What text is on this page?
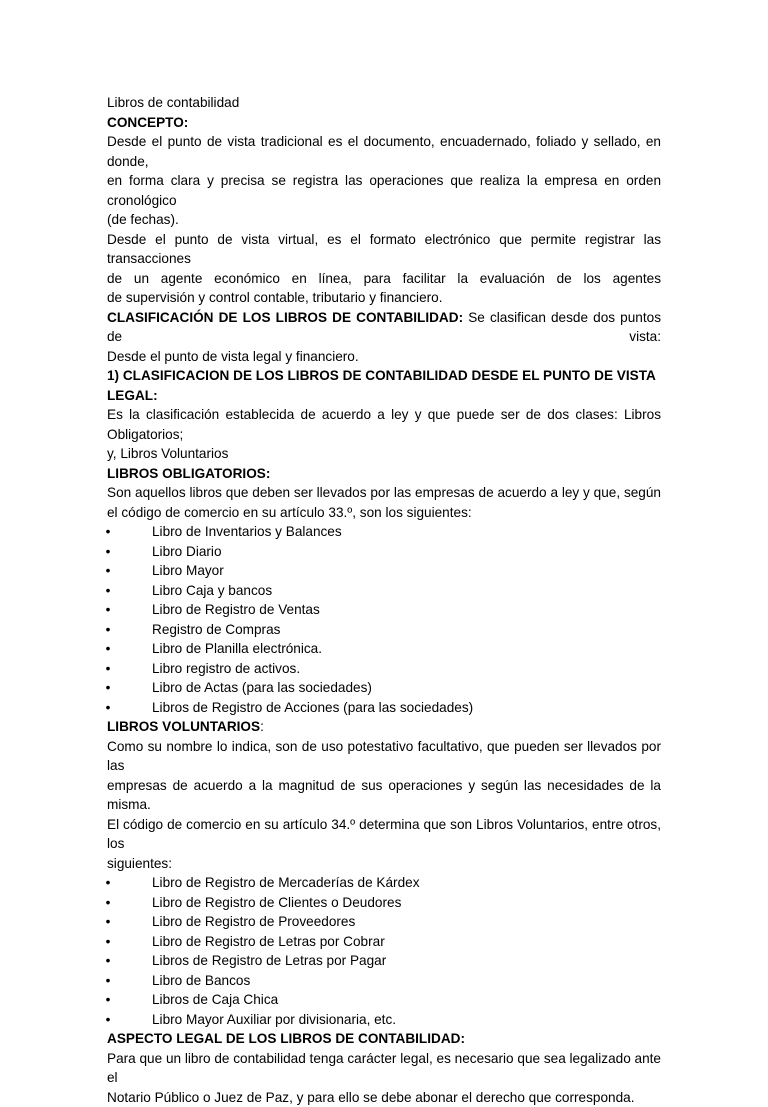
Libros de contabilidad

CONCEPTO:

Desde el punto de vista tradicional es el documento, encuadernado, foliado y sellado, en donde,

en forma clara y precisa se registra las operaciones que realiza la empresa en orden cronológico

(de fechas).

Desde el punto de vista virtual, es el formato electrónico que permite registrar las transacciones

de un agente económico en línea, para facilitar la evaluación de los agentes

de supervisión y control contable, tributario y financiero.

CLASIFICACIÓN DE LOS LIBROS DE CONTABILIDAD: Se clasifican desde dos puntos de vista:

Desde el punto de vista legal y financiero.

1) CLASIFICACION DE LOS LIBROS DE CONTABILIDAD DESDE EL PUNTO DE VISTA LEGAL:

Es la clasificación establecida de acuerdo a ley y que puede ser de dos clases: Libros Obligatorios;

y, Libros Voluntarios

LIBROS OBLIGATORIOS:

Son aquellos libros que deben ser llevados por las empresas de acuerdo a ley y que, según

el código de comercio en su artículo 33.º, son los siguientes:

•	Libro de Inventarios y Balances
•	Libro Diario
•	Libro Mayor
•	Libro Caja y bancos
•	Libro de Registro de Ventas
•	Registro de Compras
•	Libro de Planilla electrónica.
•	Libro registro de activos.
•	Libro de Actas (para las sociedades)
•	Libros de Registro de Acciones (para las sociedades)

LIBROS VOLUNTARIOS:

Como su nombre lo indica, son de uso potestativo facultativo, que pueden ser llevados por las

empresas de acuerdo a la magnitud de sus operaciones y según las necesidades de la misma.

El código de comercio en su artículo 34.º determina que son Libros Voluntarios, entre otros, los

siguientes:

•	Libro de Registro de Mercaderías de Kárdex
•	Libro de Registro de Clientes o Deudores
•	Libro de Registro de Proveedores
•	Libro de Registro de Letras por Cobrar
•	Libros de Registro de Letras por Pagar
•	Libro de Bancos
•	Libros de Caja Chica
•	Libro Mayor Auxiliar por divisionaria, etc.

ASPECTO LEGAL DE LOS LIBROS DE CONTABILIDAD:

Para que un libro de contabilidad tenga carácter legal, es necesario que sea legalizado ante el

Notario Público o Juez de Paz, y para ello se debe abonar el derecho que corresponda.
